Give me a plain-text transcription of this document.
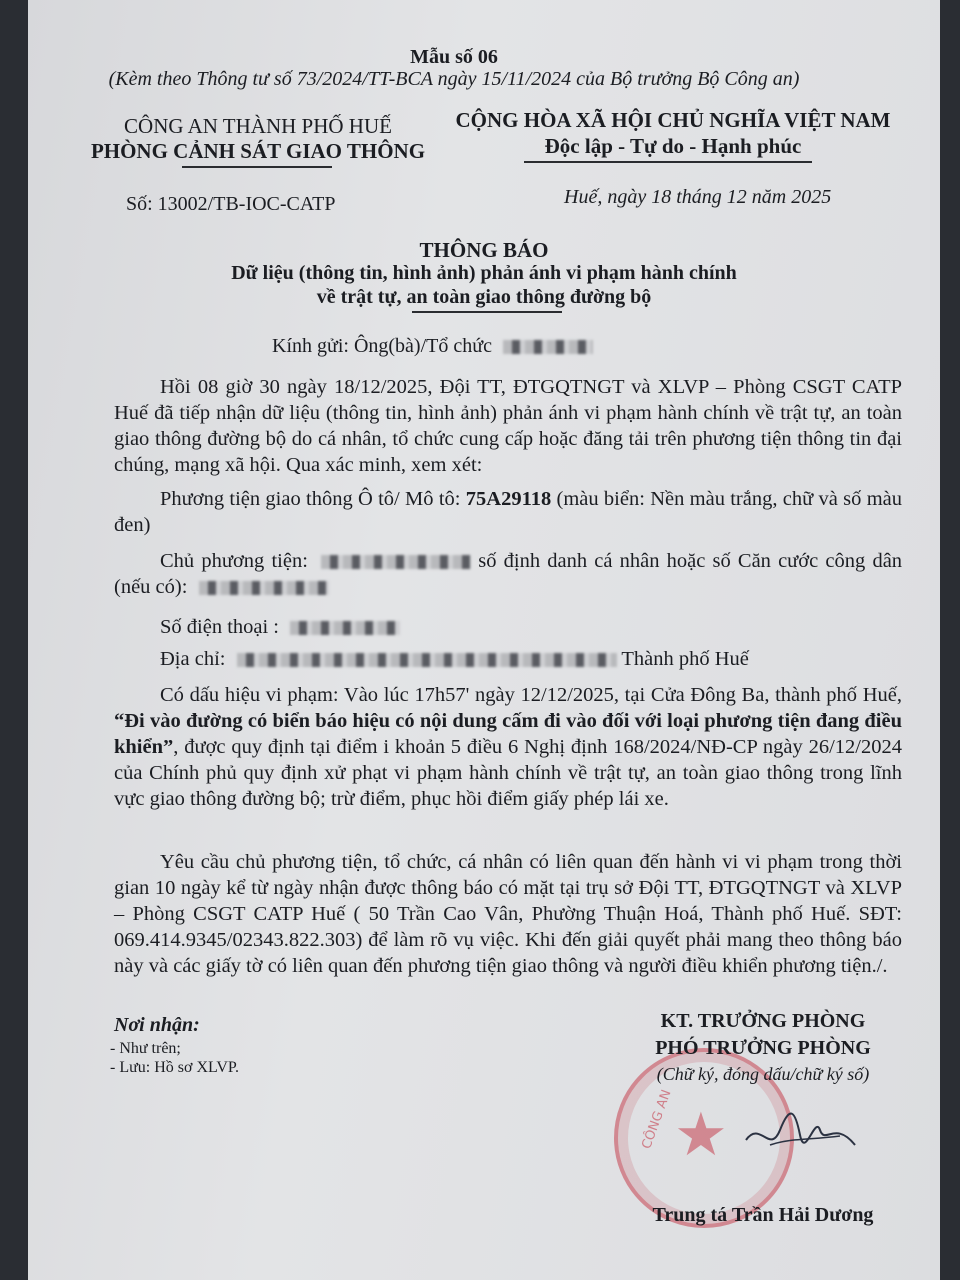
Mẫu số 06
(Kèm theo Thông tư số 73/2024/TT-BCA ngày 15/11/2024 của Bộ trưởng Bộ Công an)
CÔNG AN THÀNH PHỐ HUẾ
PHÒNG CẢNH SÁT GIAO THÔNG
CỘNG HÒA XÃ HỘI CHỦ NGHĨA VIỆT NAM
Độc lập - Tự do - Hạnh phúc
Số: 13002/TB-IOC-CATP	Huế, ngày 18 tháng 12 năm 2025
THÔNG BÁO
Dữ liệu (thông tin, hình ảnh) phản ánh vi phạm hành chính
về trật tự, an toàn giao thông đường bộ
Kính gửi: Ông(bà)/Tổ chức
Hồi 08 giờ 30 ngày 18/12/2025, Đội TT, ĐTGQTNGT và XLVP – Phòng CSGT CATP Huế đã tiếp nhận dữ liệu (thông tin, hình ảnh) phản ánh vi phạm hành chính về trật tự, an toàn giao thông đường bộ do cá nhân, tổ chức cung cấp hoặc đăng tải trên phương tiện thông tin đại chúng, mạng xã hội. Qua xác minh, xem xét:
Phương tiện giao thông Ô tô/ Mô tô: 75A29118 (màu biển: Nền màu trắng, chữ và số màu đen)
Chủ phương tiện:	số định danh cá nhân hoặc số Căn cước công dân (nếu có):
Số điện thoại :
Địa chỉ:	Thành phố Huế
Có dấu hiệu vi phạm: Vào lúc 17h57' ngày 12/12/2025, tại Cửa Đông Ba, thành phố Huế, “Đi vào đường có biển báo hiệu có nội dung cấm đi vào đối với loại phương tiện đang điều khiển”, được quy định tại điểm i khoản 5 điều 6 Nghị định 168/2024/NĐ-CP ngày 26/12/2024 của Chính phủ quy định xử phạt vi phạm hành chính về trật tự, an toàn giao thông trong lĩnh vực giao thông đường bộ; trừ điểm, phục hồi điểm giấy phép lái xe.
Yêu cầu chủ phương tiện, tổ chức, cá nhân có liên quan đến hành vi vi phạm trong thời gian 10 ngày kể từ ngày nhận được thông báo có mặt tại trụ sở Đội TT, ĐTGQTNGT và XLVP – Phòng CSGT CATP Huế ( 50 Trần Cao Vân, Phường Thuận Hoá, Thành phố Huế. SĐT: 069.414.9345/02343.822.303) để làm rõ vụ việc. Khi đến giải quyết phải mang theo thông báo này và các giấy tờ có liên quan đến phương tiện giao thông và người điều khiển phương tiện./.
Nơi nhận:
- Như trên;
- Lưu: Hồ sơ XLVP.
★
CÔNG AN
KT. TRƯỞNG PHÒNG
PHÓ TRƯỞNG PHÒNG
(Chữ ký, đóng dấu/chữ ký số)
Trung tá Trần Hải Dương
